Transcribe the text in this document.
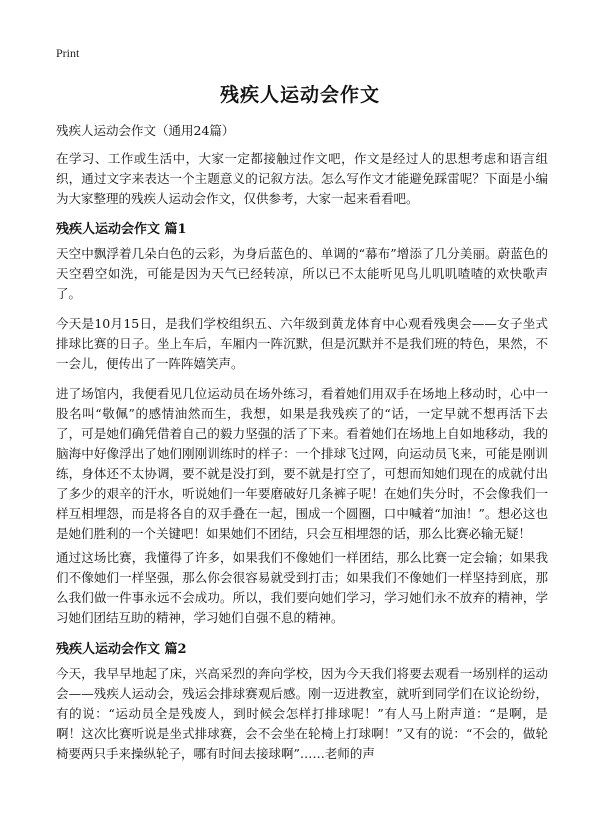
Print
残疾人运动会作文

残疾人运动会作文（通用24篇）

在学习、工作或生活中，大家一定都接触过作文吧，作文是经过人的思想考虑和语言组织，通过文字来表达一个主题意义的记叙方法。怎么写作文才能避免踩雷呢？下面是小编为大家整理的残疾人运动会作文，仅供参考，大家一起来看看吧。

残疾人运动会作文 篇1

天空中飘浮着几朵白色的云彩，为身后蓝色的、单调的“幕布”增添了几分美丽。蔚蓝色的天空碧空如洗，可能是因为天气已经转凉，所以已不太能听见鸟儿叽叽喳喳的欢快歌声了。

今天是10月15日，是我们学校组织五、六年级到黄龙体育中心观看残奥会——女子坐式排球比赛的日子。坐上车后，车厢内一阵沉默，但是沉默并不是我们班的特色，果然，不一会儿，便传出了一阵阵嬉笑声。

进了场馆内，我便看见几位运动员在场外练习，看着她们用双手在场地上移动时，心中一股名叫“敬佩”的感情油然而生，我想，如果是我残疾了的“话，一定早就不想再活下去了，可是她们确凭借着自己的毅力坚强的活了下来。看着她们在场地上自如地移动，我的脑海中好像浮出了她们刚刚训练时的样子：一个排球飞过网，向运动员飞来，可能是刚训练，身体还不太协调，要不就是没打到，要不就是打空了，可想而知她们现在的成就付出了多少的艰辛的汗水，听说她们一年要磨破好几条裤子呢！在她们失分时，不会像我们一样互相埋怨，而是将各自的双手叠在一起，围成一个圆圈，口中喊着“加油！”。想必这也是她们胜利的一个关键吧！如果她们不团结，只会互相埋怨的话，那么比赛必输无疑！

通过这场比赛，我懂得了许多，如果我们不像她们一样团结，那么比赛一定会输；如果我们不像她们一样坚强，那么你会很容易就受到打击；如果我们不像她们一样坚持到底，那么我们做一件事永远不会成功。所以，我们要向她们学习，学习她们永不放弃的精神，学习她们团结互助的精神，学习她们自强不息的精神。

残疾人运动会作文 篇2

今天，我早早地起了床，兴高采烈的奔向学校，因为今天我们将要去观看一场别样的运动会——残疾人运动会，残运会排球赛观后感。刚一迈进教室，就听到同学们在议论纷纷，有的说：“运动员全是残废人，到时候会怎样打排球呢！”有人马上附声道：“是啊，是啊！这次比赛听说是坐式排球赛，会不会坐在轮椅上打球啊！”又有的说：“不会的，做轮椅要两只手来操纵轮子，哪有时间去接球啊”……老师的声
